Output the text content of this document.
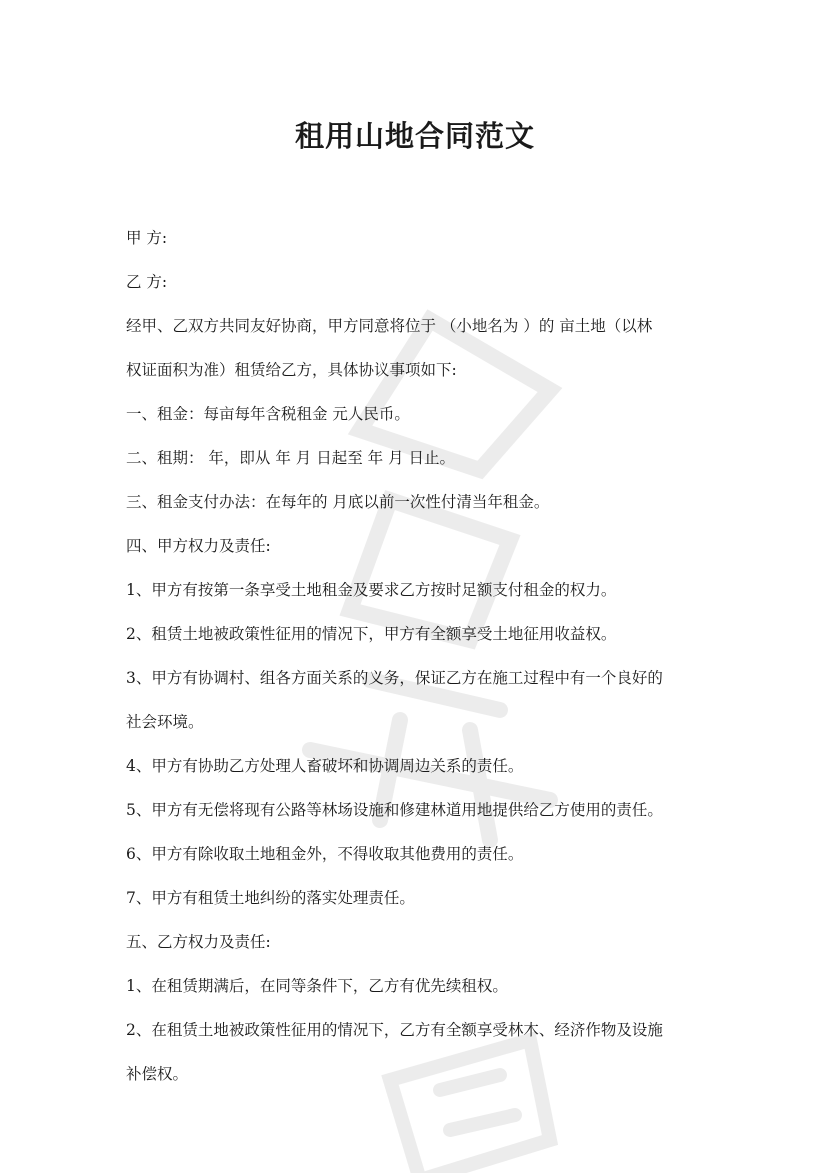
租用山地合同范文
甲 方:
乙 方:
经甲、乙双方共同友好协商，甲方同意将位于 （小地名为 ）的 亩土地（以林
权证面积为准）租赁给乙方，具体协议事项如下:
一、租金：每亩每年含税租金 元人民币。
二、租期： 年，即从 年 月 日起至 年 月 日止。
三、租金支付办法：在每年的 月底以前一次性付清当年租金。
四、甲方权力及责任:
1、甲方有按第一条享受土地租金及要求乙方按时足额支付租金的权力。
2、租赁土地被政策性征用的情况下，甲方有全额享受土地征用收益权。
3、甲方有协调村、组各方面关系的义务，保证乙方在施工过程中有一个良好的
社会环境。
4、甲方有协助乙方处理人畜破坏和协调周边关系的责任。
5、甲方有无偿将现有公路等林场设施和修建林道用地提供给乙方使用的责任。
6、甲方有除收取土地租金外，不得收取其他费用的责任。
7、甲方有租赁土地纠纷的落实处理责任。
五、乙方权力及责任:
1、在租赁期满后，在同等条件下，乙方有优先续租权。
2、在租赁土地被政策性征用的情况下，乙方有全额享受林木、经济作物及设施
补偿权。
